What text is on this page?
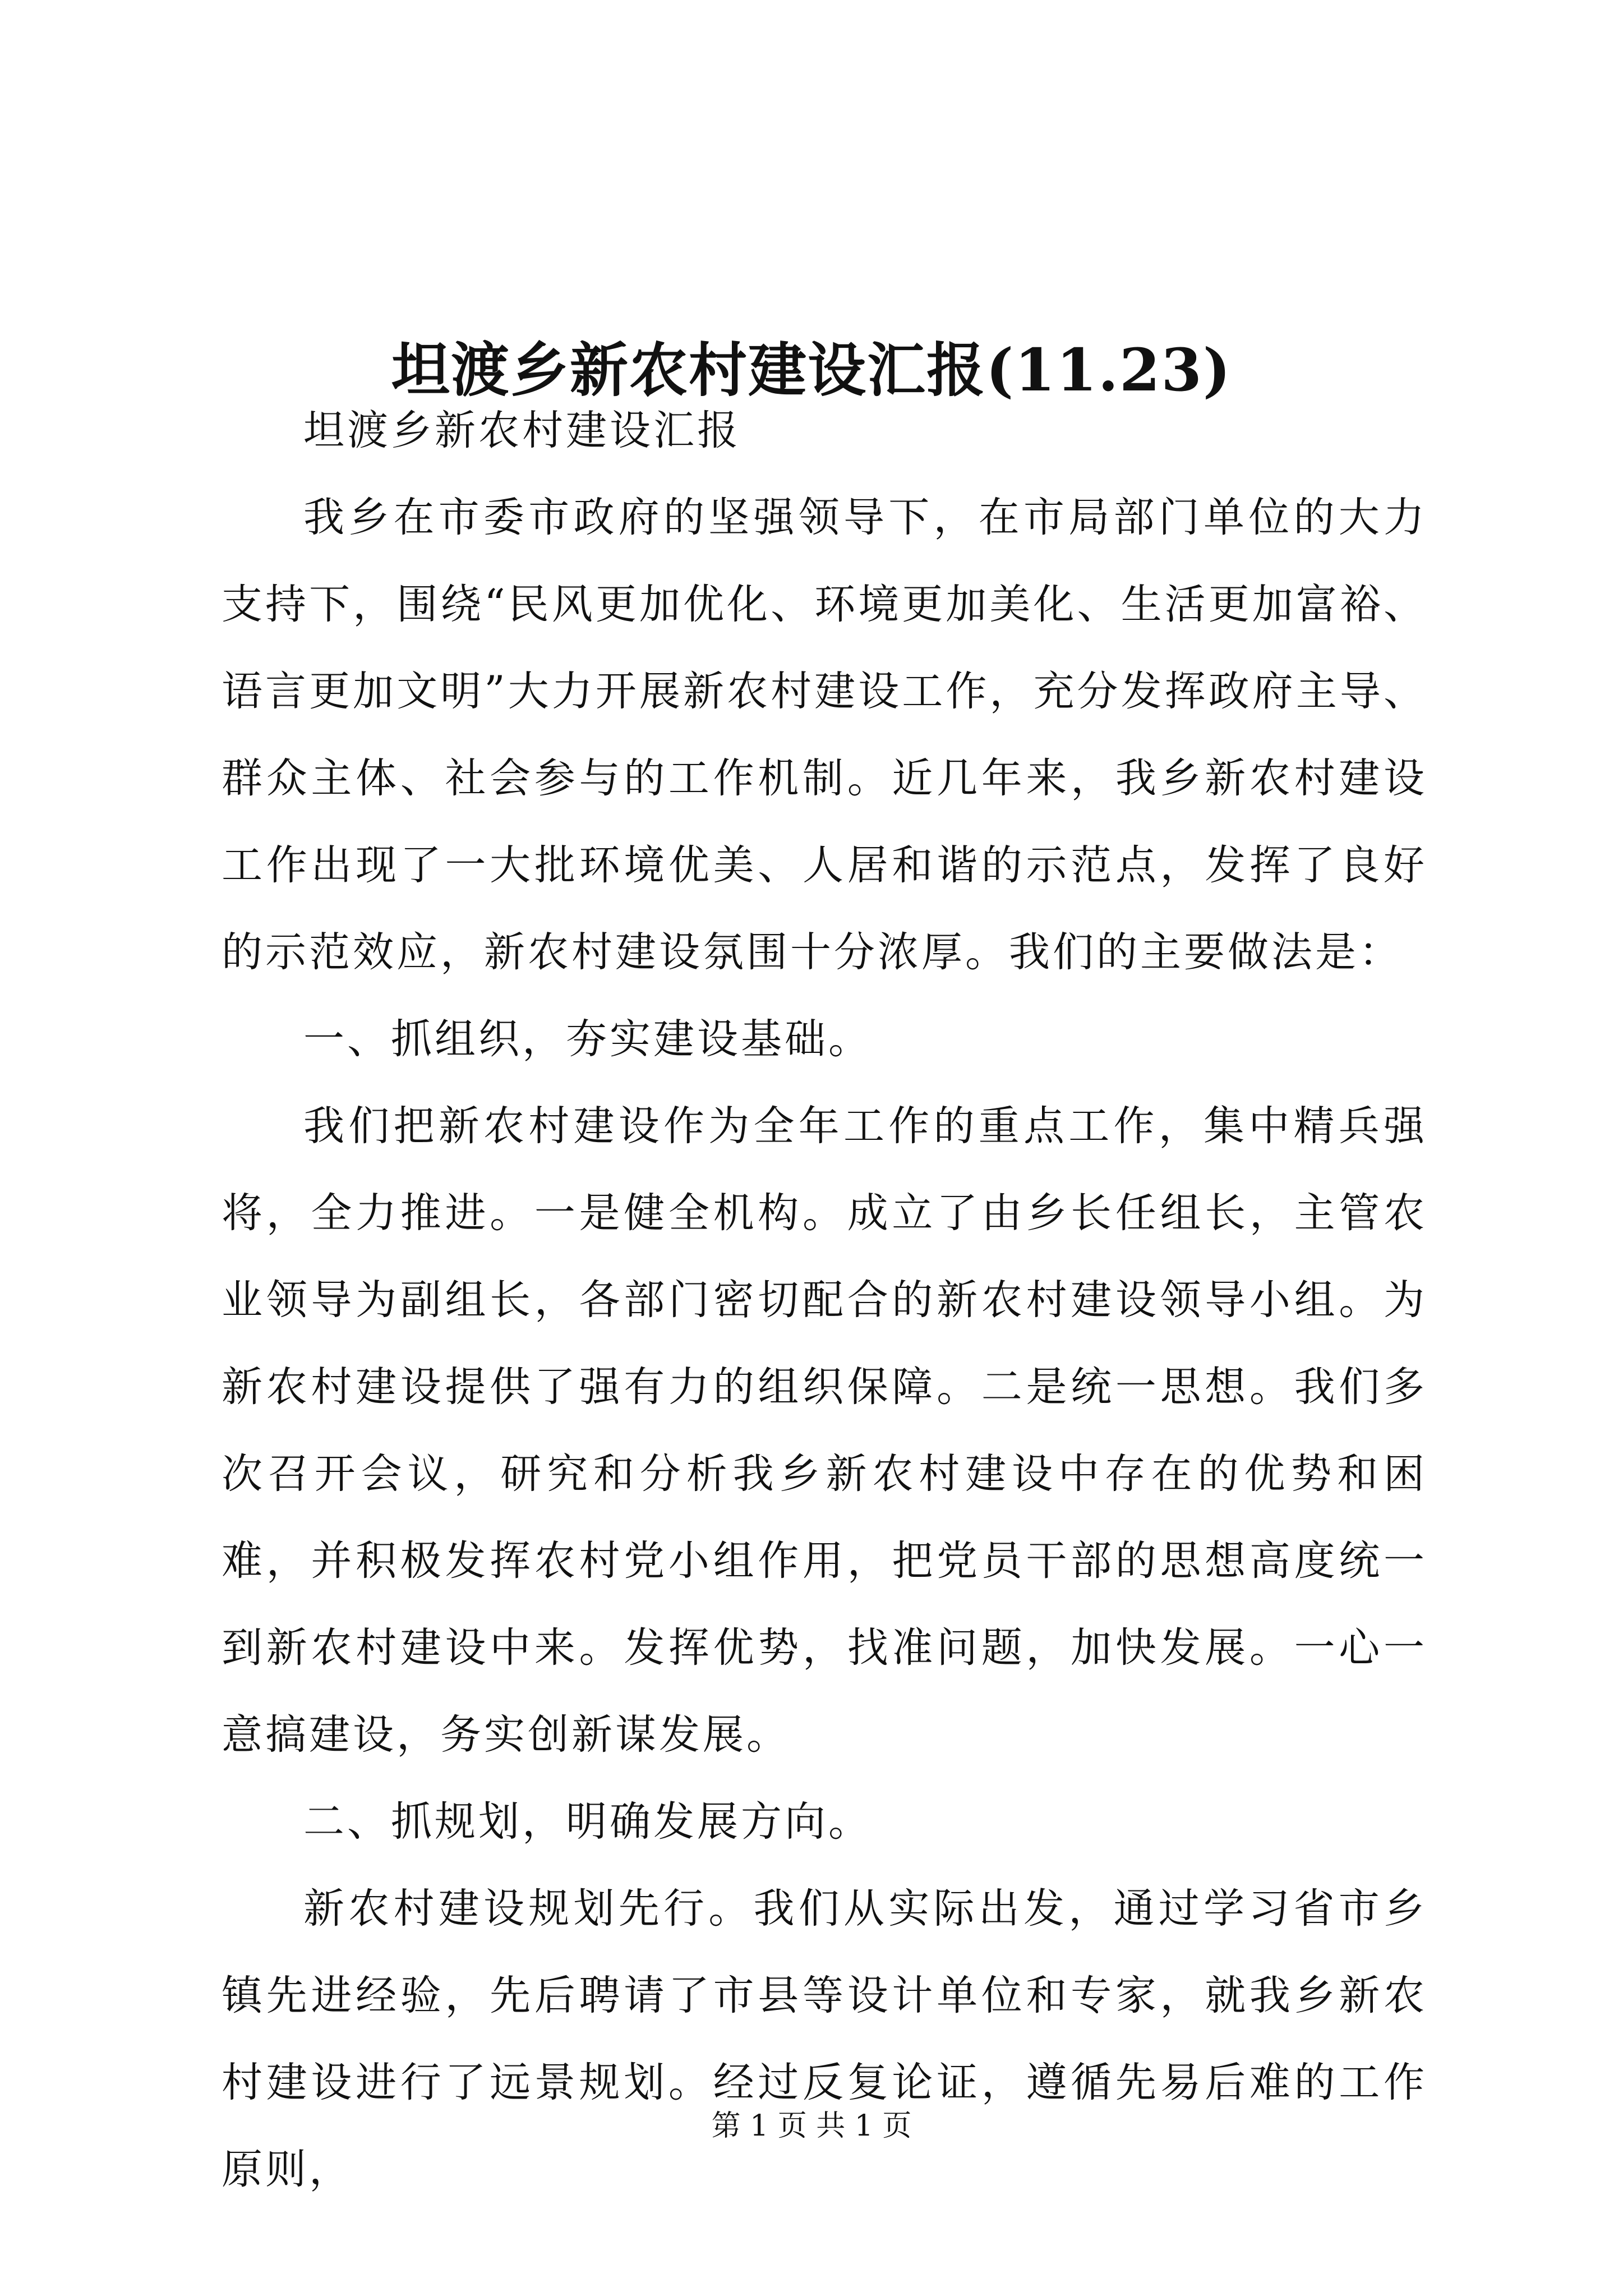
坦渡乡新农村建设汇报(11.23)

坦渡乡新农村建设汇报

我乡在市委市政府的坚强领导下，在市局部门单位的大力支持下，围绕“民风更加优化、环境更加美化、生活更加富裕、语言更加文明”大力开展新农村建设工作，充分发挥政府主导、群众主体、社会参与的工作机制。近几年来，我乡新农村建设工作出现了一大批环境优美、人居和谐的示范点，发挥了良好的示范效应，新农村建设氛围十分浓厚。我们的主要做法是：

一、抓组织，夯实建设基础。

我们把新农村建设作为全年工作的重点工作，集中精兵强将，全力推进。一是健全机构。成立了由乡长任组长，主管农业领导为副组长，各部门密切配合的新农村建设领导小组。为新农村建设提供了强有力的组织保障。二是统一思想。我们多次召开会议，研究和分析我乡新农村建设中存在的优势和困难，并积极发挥农村党小组作用，把党员干部的思想高度统一到新农村建设中来。发挥优势，找准问题，加快发展。一心一意搞建设，务实创新谋发展。

二、抓规划，明确发展方向。

新农村建设规划先行。我们从实际出发，通过学习省市乡镇先进经验，先后聘请了市县等设计单位和专家，就我乡新农村建设进行了远景规划。经过反复论证，遵循先易后难的工作原则，

第 1 页 共 1 页
